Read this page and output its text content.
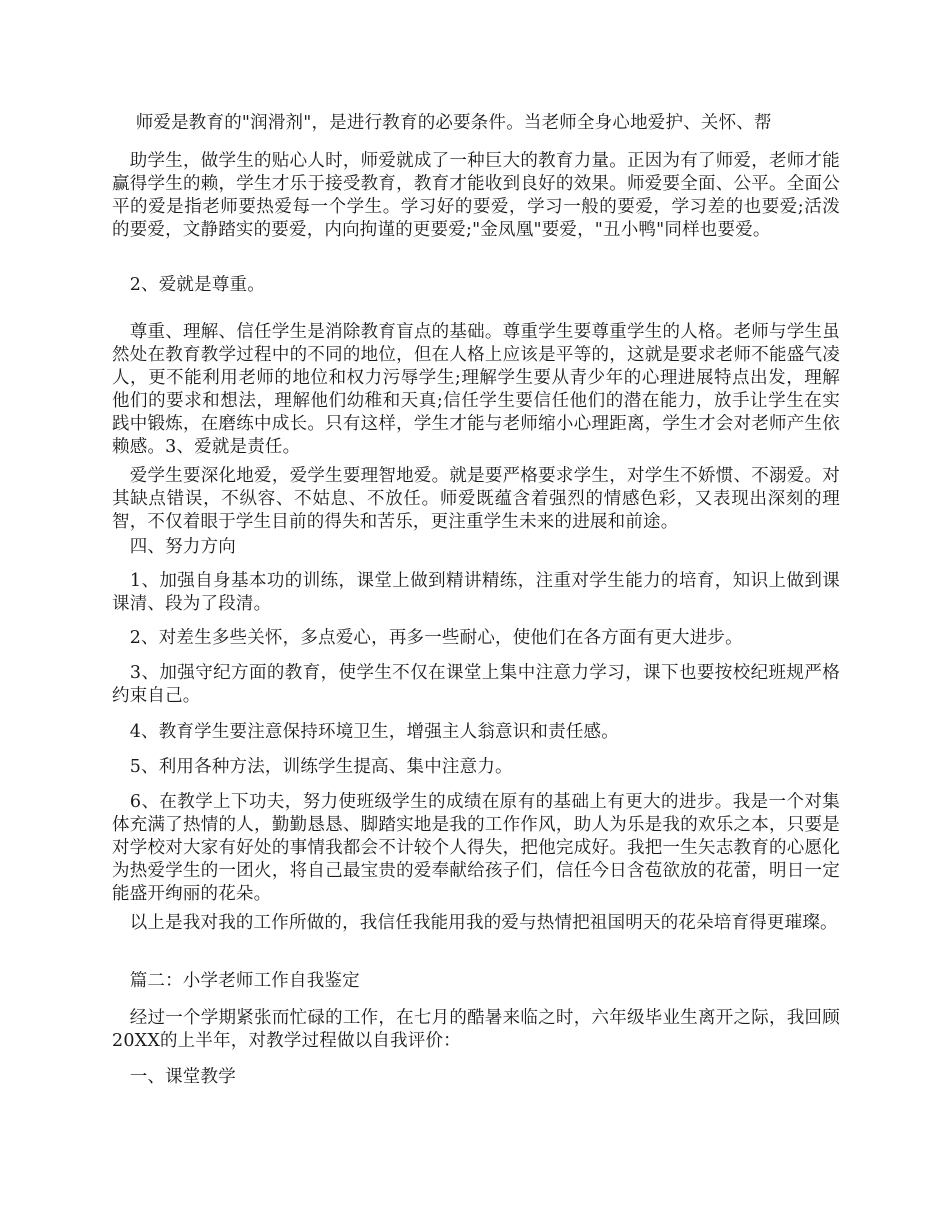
　师爱是教育的"润滑剂"，是进行教育的必要条件。当老师全身心地爱护、关怀、帮

　助学生，做学生的贴心人时，师爱就成了一种巨大的教育力量。正因为有了师爱，老师才能赢得学生的赖，学生才乐于接受教育，教育才能收到良好的效果。师爱要全面、公平。全面公平的爱是指老师要热爱每一个学生。学习好的要爱，学习一般的要爱，学习差的也要爱;活泼的要爱，文静踏实的要爱，内向拘谨的更要爱;"金凤凰"要爱，"丑小鸭"同样也要爱。

　2、爱就是尊重。

　尊重、理解、信任学生是消除教育盲点的基础。尊重学生要尊重学生的人格。老师与学生虽然处在教育教学过程中的不同的地位，但在人格上应该是平等的，这就是要求老师不能盛气凌人，更不能利用老师的地位和权力污辱学生;理解学生要从青少年的心理进展特点出发，理解他们的要求和想法，理解他们幼稚和天真;信任学生要信任他们的潜在能力，放手让学生在实践中锻炼，在磨练中成长。只有这样，学生才能与老师缩小心理距离，学生才会对老师产生依赖感。3、爱就是责任。

　爱学生要深化地爱，爱学生要理智地爱。就是要严格要求学生，对学生不娇惯、不溺爱。对其缺点错误，不纵容、不姑息、不放任。师爱既蕴含着强烈的情感色彩，又表现出深刻的理智，不仅着眼于学生目前的得失和苦乐，更注重学生未来的进展和前途。

　四、努力方向

　1、加强自身基本功的训练，课堂上做到精讲精练，注重对学生能力的培育，知识上做到课课清、段为了段清。

　2、对差生多些关怀，多点爱心，再多一些耐心，使他们在各方面有更大进步。

　3、加强守纪方面的教育，使学生不仅在课堂上集中注意力学习，课下也要按校纪班规严格约束自己。

　4、教育学生要注意保持环境卫生，增强主人翁意识和责任感。

　5、利用各种方法，训练学生提高、集中注意力。

　6、在教学上下功夫，努力使班级学生的成绩在原有的基础上有更大的进步。我是一个对集体充满了热情的人，勤勤恳恳、脚踏实地是我的工作作风，助人为乐是我的欢乐之本，只要是对学校对大家有好处的事情我都会不计较个人得失，把他完成好。我把一生矢志教育的心愿化为热爱学生的一团火，将自己最宝贵的爱奉献给孩子们，信任今日含苞欲放的花蕾，明日一定能盛开绚丽的花朵。

　以上是我对我的工作所做的，我信任我能用我的爱与热情把祖国明天的花朵培育得更璀璨。

　篇二：小学老师工作自我鉴定

　经过一个学期紧张而忙碌的工作，在七月的酷暑来临之时，六年级毕业生离开之际，我回顾20XX的上半年，对教学过程做以自我评价：

　一、课堂教学
